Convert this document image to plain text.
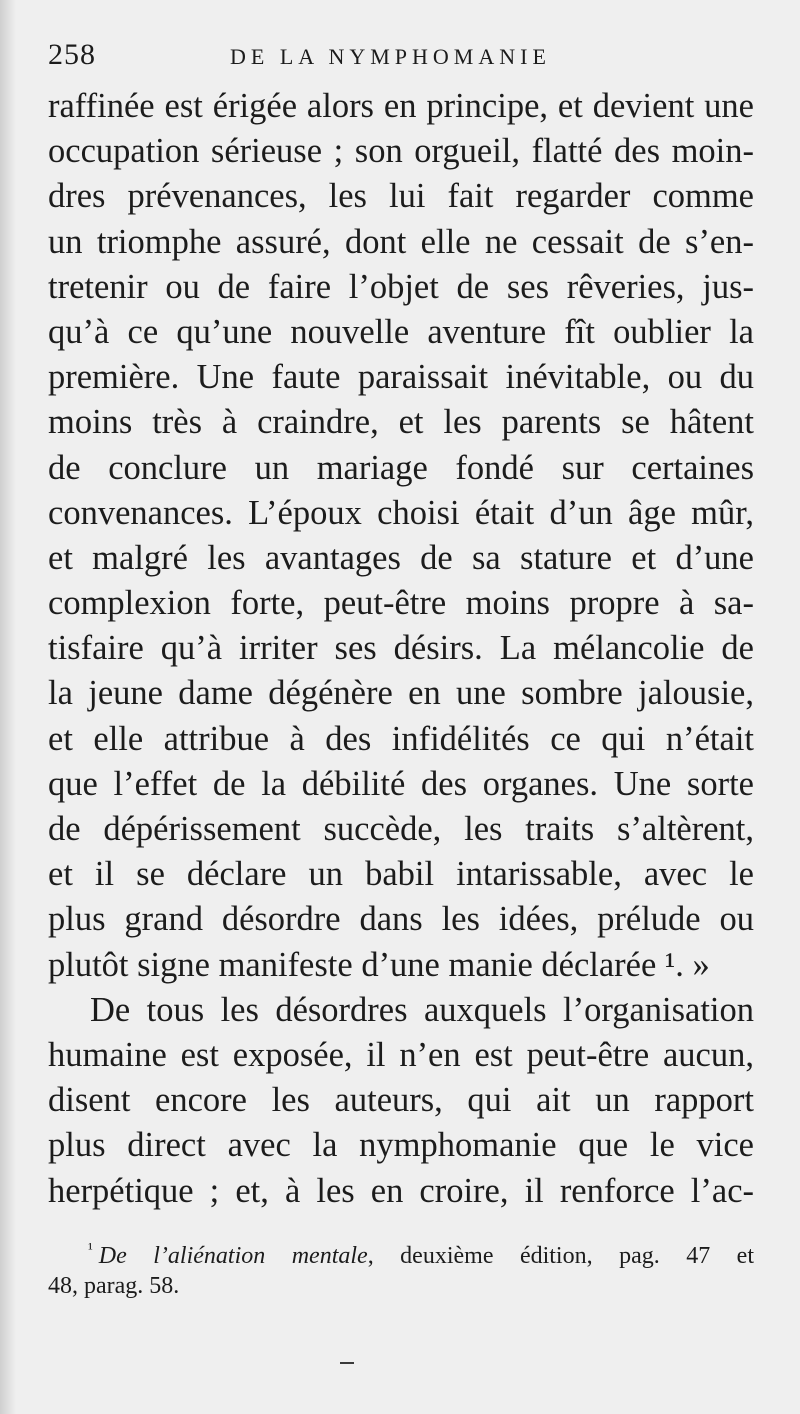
258	DE LA NYMPHOMANIE
raffinée est érigée alors en principe, et devient une
occupation sérieuse ; son orgueil, flatté des moin-
dres prévenances, les lui fait regarder comme
un triomphe assuré, dont elle ne cessait de s’en-
tretenir ou de faire l’objet de ses rêveries, jus-
qu’à ce qu’une nouvelle aventure fît oublier la
première. Une faute paraissait inévitable, ou du
moins très à craindre, et les parents se hâtent
de conclure un mariage fondé sur certaines
convenances. L’époux choisi était d’un âge mûr,
et malgré les avantages de sa stature et d’une
complexion forte, peut-être moins propre à sa-
tisfaire qu’à irriter ses désirs. La mélancolie de
la jeune dame dégénère en une sombre jalousie,
et elle attribue à des infidélités ce qui n’était
que l’effet de la débilité des organes. Une sorte
de dépérissement succède, les traits s’altèrent,
et il se déclare un babil intarissable, avec le
plus grand désordre dans les idées, prélude ou
plutôt signe manifeste d’une manie déclarée ¹. »
De tous les désordres auxquels l’organisation
humaine est exposée, il n’en est peut-être aucun,
disent encore les auteurs, qui ait un rapport
plus direct avec la nymphomanie que le vice
herpétique ; et, à les en croire, il renforce l’ac-
$^{^1}$ De l’aliénation mentale, deuxième édition, pag. 47 et
48, parag. 58.
